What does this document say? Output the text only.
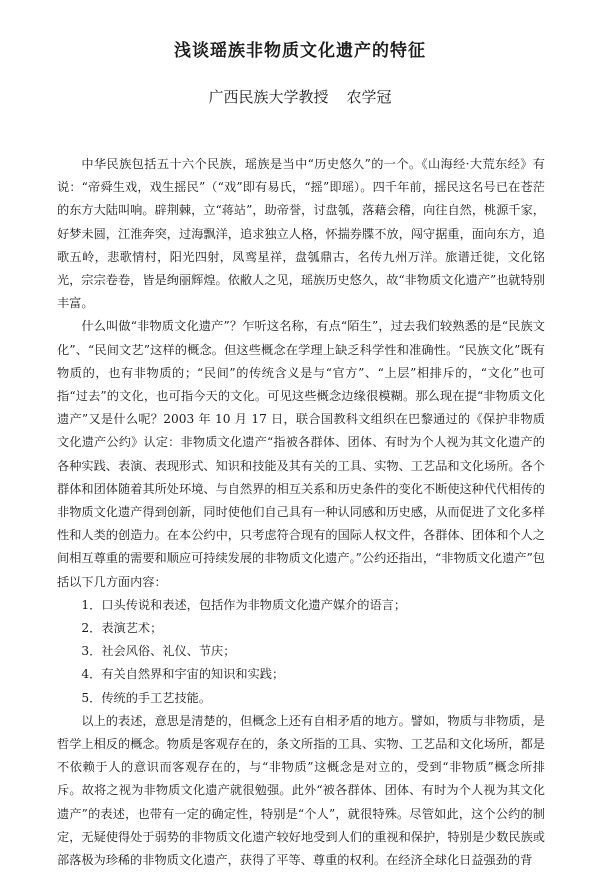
浅谈瑶族非物质文化遗产的特征
广西民族大学教授 农学冠

中华民族包括五十六个民族，瑶族是当中“历史悠久”的一个。《山海经·大荒东经》有说：“帝舜生戏，戏生摇民”（“戏”即有易氏，“摇”即瑶）。四千年前，摇民这名号已在苍茫的东方大陆叫响。辟荆棘，立“蒋站”，助帝誉，讨盘瓠，落藉会稽，向往自然，桃源千家，好梦未圆，江淮奔突，过海飘洋，追求独立人格，怀揣券牒不放，闯守据重，面向东方，追歌五岭，悲歌情村，阳光四射，凤鸾星祥，盘瓠鼎古，名传九州万洋。旅谱迁徙，文化铭光，宗宗卷卷，皆是绚丽辉煌。依敝人之见，瑶族历史悠久，故“非物质文化遗产”也就特别丰富。

什么叫做“非物质文化遗产”？乍听这名称，有点“陌生”，过去我们较熟悉的是“民族文化”、“民间文艺”这样的概念。但这些概念在学理上缺乏科学性和准确性。“民族文化”既有物质的，也有非物质的；“民间”的传统含义是与“官方”、“上层”相排斥的，“文化”也可指“过去”的文化，也可指今天的文化。可见这些概念边缘很模糊。那么现在提“非物质文化遗产”又是什么呢？2003 年 10 月 17 日，联合国教科文组织在巴黎通过的《保护非物质文化遗产公约》认定：非物质文化遗产“指被各群体、团体、有时为个人视为其文化遗产的各种实践、表演、表现形式、知识和技能及其有关的工具、实物、工艺品和文化场所。各个群体和团体随着其所处环境、与自然界的相互关系和历史条件的变化不断使这种代代相传的非物质文化遗产得到创新，同时使他们自己具有一种认同感和历史感，从而促进了文化多样性和人类的创造力。在本公约中，只考虑符合现有的国际人权文件，各群体、团体和个人之间相互尊重的需要和顺应可持续发展的非物质文化遗产。”公约还指出，“非物质文化遗产”包括以下几方面内容：

1．口头传说和表述，包括作为非物质文化遗产媒介的语言；

2．表演艺术；

3．社会风俗、礼仪、节庆；

4．有关自然界和宇宙的知识和实践；

5．传统的手工艺技能。

以上的表述，意思是清楚的，但概念上还有自相矛盾的地方。譬如，物质与非物质，是哲学上相反的概念。物质是客观存在的，条文所指的工具、实物、工艺品和文化场所，都是不依赖于人的意识而客观存在的，与“非物质”这概念是对立的，受到“非物质”概念所排斥。故将之视为非物质文化遗产就很勉强。此外“被各群体、团体、有时为个人视为其文化遗产”的表述，也带有一定的确定性，特别是“个人”，就很特殊。尽管如此，这个公约的制定，无疑使得处于弱势的非物质文化遗产较好地受到人们的重视和保护，特别是少数民族或部落极为珍稀的非物质文化遗产，获得了平等、尊重的权利。在经济全球化日益强劲的背
